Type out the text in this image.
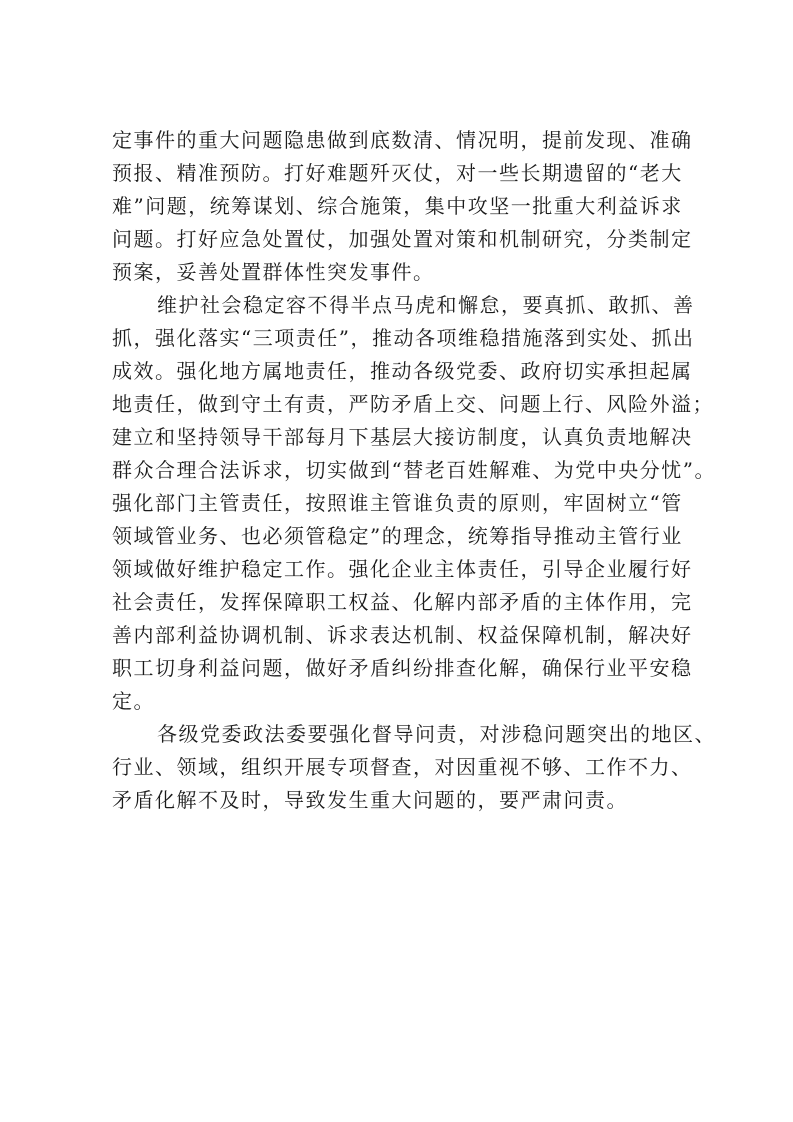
定事件的重大问题隐患做到底数清、情况明，提前发现、准确
预报、精准预防。打好难题歼灭仗，对一些长期遗留的“老大
难”问题，统筹谋划、综合施策，集中攻坚一批重大利益诉求
问题。打好应急处置仗，加强处置对策和机制研究，分类制定
预案，妥善处置群体性突发事件。
维护社会稳定容不得半点马虎和懈怠，要真抓、敢抓、善
抓，强化落实“三项责任”，推动各项维稳措施落到实处、抓出
成效。强化地方属地责任，推动各级党委、政府切实承担起属
地责任，做到守土有责，严防矛盾上交、问题上行、风险外溢；
建立和坚持领导干部每月下基层大接访制度，认真负责地解决
群众合理合法诉求，切实做到“替老百姓解难、为党中央分忧”。
强化部门主管责任，按照谁主管谁负责的原则，牢固树立“管
领域管业务、也必须管稳定”的理念，统筹指导推动主管行业
领域做好维护稳定工作。强化企业主体责任，引导企业履行好
社会责任，发挥保障职工权益、化解内部矛盾的主体作用，完
善内部利益协调机制、诉求表达机制、权益保障机制，解决好
职工切身利益问题，做好矛盾纠纷排查化解，确保行业平安稳
定。
各级党委政法委要强化督导问责，对涉稳问题突出的地区、
行业、领域，组织开展专项督查，对因重视不够、工作不力、
矛盾化解不及时，导致发生重大问题的，要严肃问责。
